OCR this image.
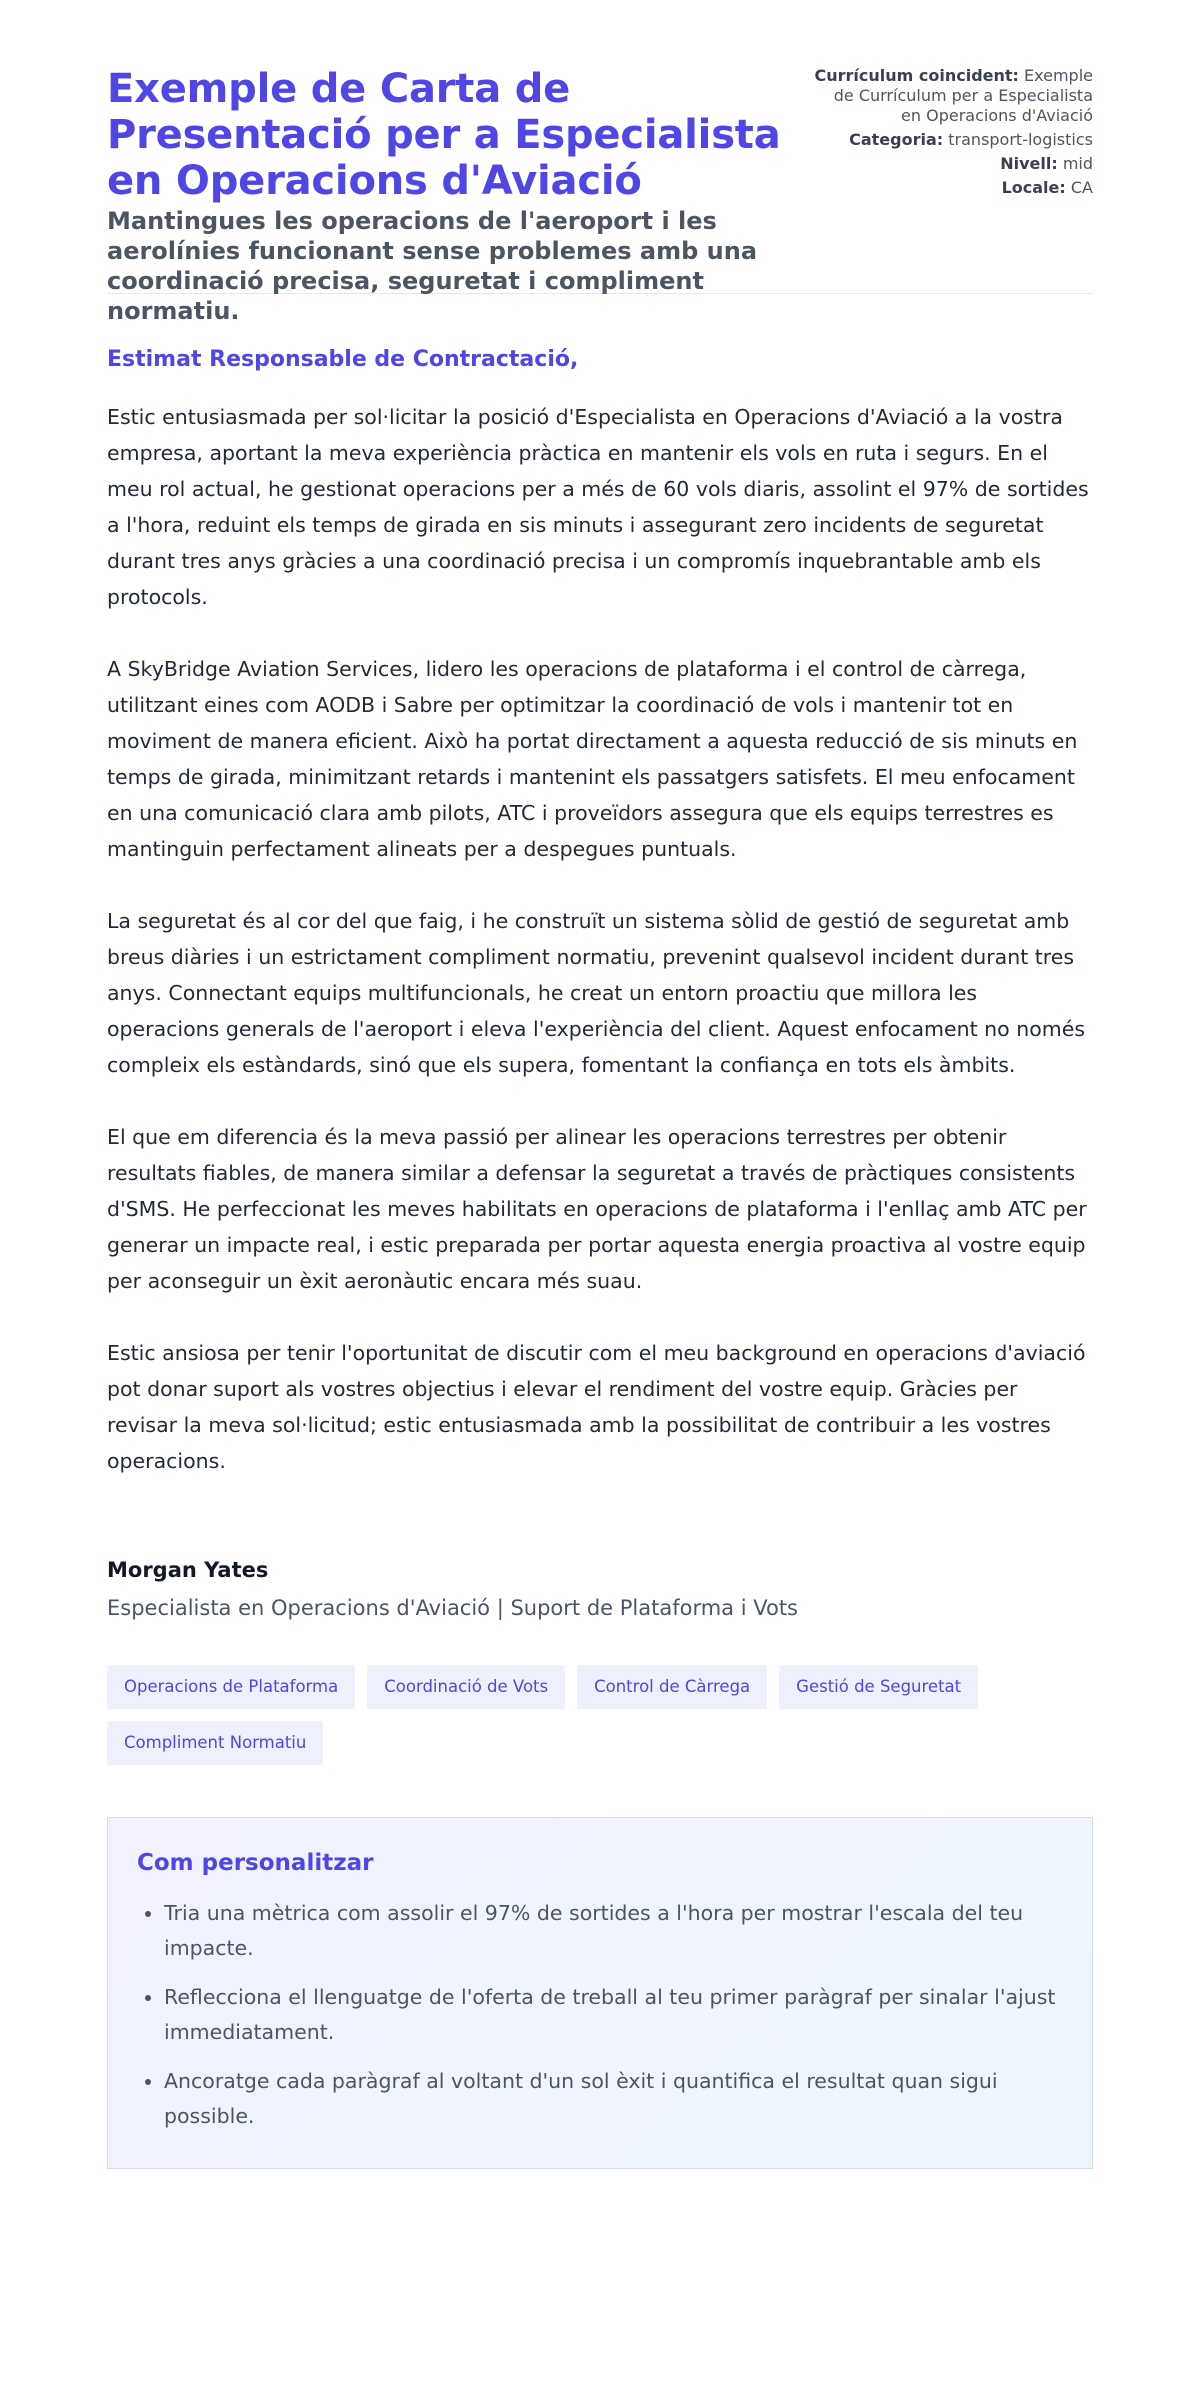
Exemple de Carta de Presentació per a Especialista en Operacions d'Aviació
Mantingues les operacions de l'aeroport i les aerolínies funcionant sense problemes amb una coordinació precisa, seguretat i compliment normatiu.
Currículum coincident: Exemple de Currículum per a Especialista en Operacions d'Aviació
Categoria: transport-logistics
Nivell: mid
Locale: CA

Estimat Responsable de Contractació,

Estic entusiasmada per sol·licitar la posició d'Especialista en Operacions d'Aviació a la vostra empresa, aportant la meva experiència pràctica en mantenir els vols en ruta i segurs. En el meu rol actual, he gestionat operacions per a més de 60 vols diaris, assolint el 97% de sortides a l'hora, reduint els temps de girada en sis minuts i assegurant zero incidents de seguretat durant tres anys gràcies a una coordinació precisa i un compromís inquebrantable amb els protocols.

A SkyBridge Aviation Services, lidero les operacions de plataforma i el control de càrrega, utilitzant eines com AODB i Sabre per optimitzar la coordinació de vols i mantenir tot en moviment de manera eficient. Això ha portat directament a aquesta reducció de sis minuts en temps de girada, minimitzant retards i mantenint els passatgers satisfets. El meu enfocament en una comunicació clara amb pilots, ATC i proveïdors assegura que els equips terrestres es mantinguin perfectament alineats per a despegues puntuals.

La seguretat és al cor del que faig, i he construït un sistema sòlid de gestió de seguretat amb breus diàries i un estrictament compliment normatiu, prevenint qualsevol incident durant tres anys. Connectant equips multifuncionals, he creat un entorn proactiu que millora les operacions generals de l'aeroport i eleva l'experiència del client. Aquest enfocament no només compleix els estàndards, sinó que els supera, fomentant la confiança en tots els àmbits.

El que em diferencia és la meva passió per alinear les operacions terrestres per obtenir resultats fiables, de manera similar a defensar la seguretat a través de pràctiques consistents d'SMS. He perfeccionat les meves habilitats en operacions de plataforma i l'enllaç amb ATC per generar un impacte real, i estic preparada per portar aquesta energia proactiva al vostre equip per aconseguir un èxit aeronàutic encara més suau.

Estic ansiosa per tenir l'oportunitat de discutir com el meu background en operacions d'aviació pot donar suport als vostres objectius i elevar el rendiment del vostre equip. Gràcies per revisar la meva sol·licitud; estic entusiasmada amb la possibilitat de contribuir a les vostres operacions.

Morgan Yates

Especialista en Operacions d'Aviació | Suport de Plataforma i Vots

Operacions de Plataforma	Coordinació de Vots	Control de Càrrega	Gestió de Seguretat
Compliment Normatiu
Com personalitzar
• Tria una mètrica com assolir el 97% de sortides a l'hora per mostrar l'escala del teu impacte.
• Reflecciona el llenguatge de l'oferta de treball al teu primer paràgraf per sinalar l'ajust immediatament.
• Ancoratge cada paràgraf al voltant d'un sol èxit i quantifica el resultat quan sigui possible.
